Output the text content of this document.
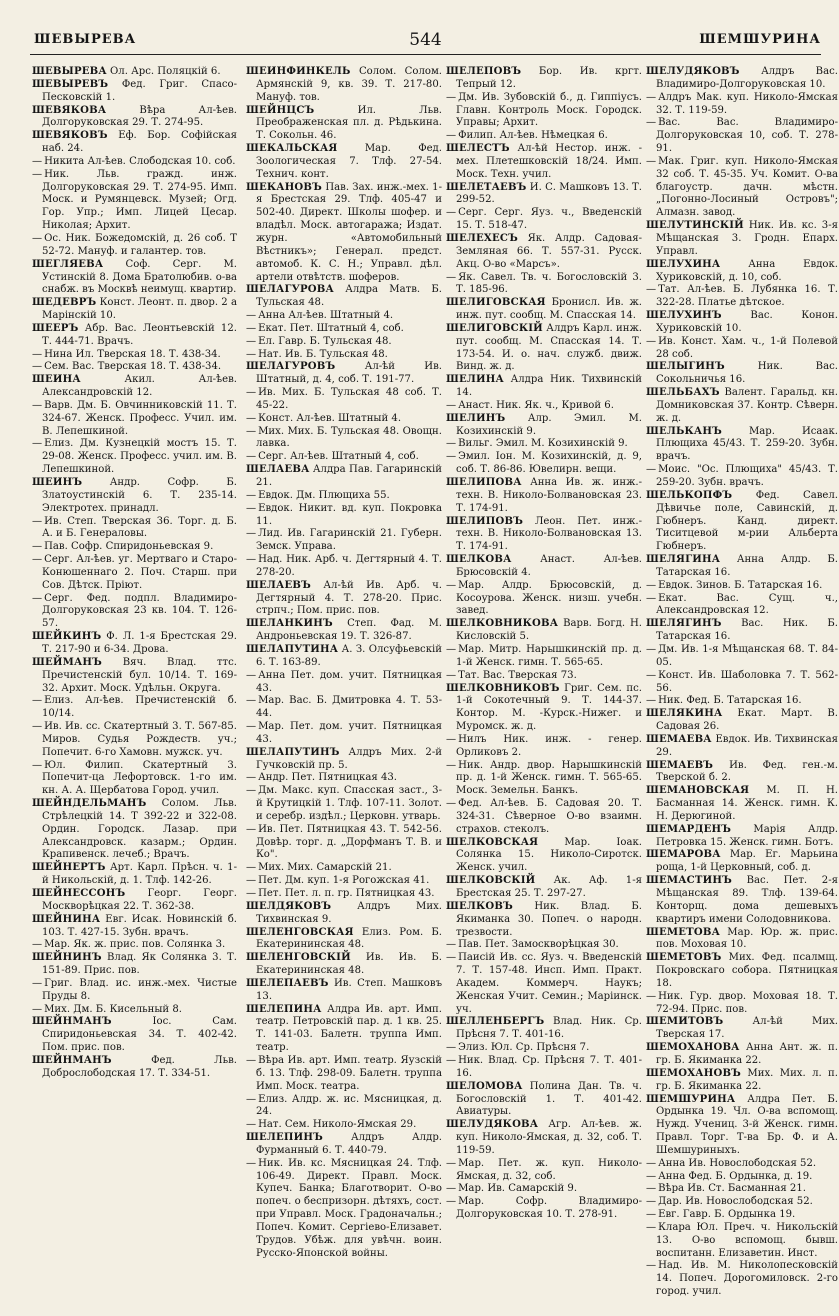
ШЕВЫРЕВА	544	ШЕМШУРИНА
ШЕВЫРЕВА Ол. Арс. Поляцкій 6.
ШЕВЫРЕВЪ Фед. Григ. Спасо-Песковскій 1.
ШЕВЯКОВА	Вѣра Ал-ѣев. Долгоруковская 29. Т. 274-95.
ШЕВЯКОВЪ Еф. Бор. Софійская наб. 24.
— Никита Ал-ѣев. Слободская 10. соб.
— Ник. Льв. гражд. инж. Долгоруковская 29. Т. 274-95. Имп. Моск. и Румянцевск. Музей; Огд. Гор. Упр.; Имп. Лицей Цесар. Николая; Архит.
— Ос. Ник. Божедомскій, д. 26 соб. Т 52-72. Мануф. и галантер. тов.
ШЕГЛЯЕВА Соф. Серг. М. Устинскій 8. Дома Братолюбив. о-ва снабж. въ Москвѣ неимущ. квартир.
ШЕДЕВРЪ Конст. Леонт. п. двор. 2 а Марінскій 10.
ШЕЕРЪ Абр. Вас. Леонтьевскій 12. Т. 444-71. Врачъ.
— Нина Ил. Тверская 18. Т. 438-34.
— Сем. Вас. Тверская 18. Т. 438-34.
ШЕИНА	Акил. Ал-ѣев. Александровскій 12.
— Варв. Дм. Б. Овчинниковскій 11. Т. 324-67. Женск. Професс. Учил. им. В. Лепешкиной.
— Елиз. Дм. Кузнецкій мостъ 15. Т. 29-08. Женск. Професс. учил. им. В. Лепешкиной.
ШЕИНЪ	Андр. Софр. Б. Златоустинскій 6. Т. 235-14. Электротех. принадл.
— Ив. Степ. Тверская 36. Торг. д. Б. А. и Б. Генераловы.
— Пав. Софр. Спиридоньевская 9.
— Серг. Ал-ѣев. уг. Мертваго и Старо-Конюшеннаго 2. Поч. Старш. при Сов. Дѣтск. Пріют.
— Серг. Фед. подпл. Владимиро-Долгоруковская 23 кв. 104. Т. 126-57.
ШЕЙКИНЪ Ф. Л. 1-я Брестская 29. Т. 217-90 и 6-34. Дрова.
ШЕЙМАНЪ Вяч. Влад. ттс. Пречистенскій бул. 10/14. Т. 169-32. Архит. Моск. Удѣльн. Округа.
— Елиз. Ал-ѣев. Пречистенскій б. 10/14.
— Ив. Ив. сс. Скатертный 3. Т. 567-85. Миров. Судья Рождеств. уч.; Попечит. 6-го Хамовн. мужск. уч.
— Юл. Филип. Скатертный 3. Попечит-ца Лефортовск. 1-го им. кн. А. А. Щербатова Город. учил.
ШЕЙНДЕЛЬМАНЪ Солом. Льв. Стрѣлецкій 14. Т 392-22 и 322-08. Ордин. Городск. Лазар. при Александровск. казарм.; Ордин. Крапивенск. лечеб.; Врачъ.
ШЕЙНЕРТЪ Арт. Карл. Прѣсн. ч. 1-й Никольскій, д. 1. Тлф. 142-26.
ШЕЙНЕССОНЪ Георг. Георг. Москворѣцкая 22. Т. 362-38.
ШЕЙНИНА Евг. Исак. Новинскій б. 103. Т. 427-15. Зубн. врачъ.
— Мар. Як. ж. прис. пов. Солянка 3.
ШЕЙНИНЪ Влад. Як Солянка 3. Т. 151-89. Прис. пов.
— Григ. Влад. ис. инж.-мех. Чистые Пруды 8.
— Мих. Дм. Б. Кисельный 8.
ШЕЙНМАНЪ	Іос. Сам. Спиридоньевская 34. Т. 402-42. Пом. прис. пов.
ШЕЙНМАНЪ	Фед. Льв. Доброслободская 17. Т. 334-51.
ШЕЙНФИНКЕЛЬ Солом. Солом. Армянскій 9, кв. 39. Т. 217-80. Мануф. тов.
ШЕЙНЦСЪ	Ил. Льв. Преображенская пл. д. Рѣдькина. Т. Сокольн. 46.
ШЕКАЛЬСКАЯ	Мар. Фед. Зоологическая 7. Тлф. 27-54. Технич. конт.
ШЕКАНОВЪ Пав. Зах. инж.-мех. 1-я Брестская 29. Тлф. 405-47 и 502-40. Директ. Школы шофер. и владѣл. Моск. автогаража; Издат. журн. «Автомобильный Вѣстникъ»; Генерал. предст. автомоб. К. С. Н.; Управл. дѣл. артели отвѣтств. шоферов.
ШЕЛАГУРОВА Алдра Матв. Б. Тульская 48.
— Анна Ал-ѣев. Штатный 4.
— Екат. Пет. Штатный 4, соб.
— Ел. Гавр. Б. Тульская 48.
— Нат. Ив. Б. Тульская 48.
ШЕЛАГУРОВЪ	Ал-ѣй Ив. Штатный, д. 4, соб. Т. 191-77.
— Ив. Мих. Б. Тульская 48 соб. Т. 45-22.
— Конст. Ал-ѣев. Штатный 4.
— Мих. Мих. Б. Тульская 48. Овощн. лавка.
— Серг. Ал-ѣев. Штатный 4, соб.
ШЕЛАЕВА Алдра Пав. Гагаринскій 21.
— Евдок. Дм. Плющиха 55.
— Евдок. Никит. вд. куп. Покровка 11.
— Лид. Ив. Гагаринскій 21. Губерн. Земск. Управа.
— Над. Ник. Арб. ч. Дегтярный 4. Т. 278-20.
ШЕЛАЕВЪ Ал-ѣй Ив. Арб. ч. Дегтярный 4. Т. 278-20. Прис. стрпч.; Пом. прис. пов.
ШЕЛАНКИНЪ Степ. Фад. М. Андроньевская 19. Т. 326-87.
ШЕЛАПУТИНА А. З. Олсуфьевскій 6. Т. 163-89.
— Анна Пет. дом. учит. Пятницкая 43.
— Мар. Вас. Б. Дмитровка 4. Т. 53-44.
— Мар. Пет. дом. учит. Пятницкая 43.
ШЕЛАПУТИНЪ Алдръ Мих. 2-й Гучковскій пр. 5.
— Андр. Пет. Пятницкая 43.
— Дм. Макс. куп. Спасская заст., 3-й Крутицкій 1. Тлф. 107-11. Золот. и серебр. издѣл.; Церковн. утварь.
— Ив. Пет. Пятницкая 43. Т. 542-56. Довѣр. торг. д. „Дорфманъ Т. В. и Ко".
— Мих. Мих. Самарскій 21.
— Пет. Дм. куп. 1-я Рогожская 41.
— Пет. Пет. л. п. гр. Пятницкая 43.
ШЕЛДЯКОВЪ	Алдръ Мих. Тихвинская 9.
ШЕЛЕНГОВСКАЯ Елиз. Ром. Б. Екатерининская 48.
ШЕЛЕНГОВСКІЙ Ив. Ив. Б. Екатерининская 48.
ШЕЛЕПАЕВЪ Ив. Степ. Машковъ 13.
ШЕЛЕПИНА Алдра Ив. арт. Имп. театр. Петровскій пар. д. 1 кв. 25. Т. 141-03. Балетн. труппа Имп. театр.
— Вѣра Ив. арт. Имп. театр. Яузскій б. 13. Тлф. 298-09. Балетн. труппа Имп. Моск. театра.
— Елиз. Алдр. ж. ис. Мясницкая, д. 24.
— Нат. Сем. Николо-Ямская 29.
ШЕЛЕПИНЪ	Алдръ Алдр. Фурманный 6. Т. 440-79.
— Ник. Ив. кс. Мясницкая 24. Тлф. 106-49. Директ. Правл. Моск. Купеч. Банка; Благотворит. О-во попеч. о беспризорн. дѣтяхъ, сост. при Управл. Моск. Градоначальн.; Попеч. Комит. Сергіево-Елизавет. Трудов. Убѣж. для увѣчн. воин. Русско-Японской войны.
ШЕЛЕПОВЪ Бор. Ив. кргт. Тепрый 12.
— Дм. Ив. Зубовскій б., д. Гиппіусъ. Главн. Контроль Моск. Городск. Управы; Архит.
— Филип. Ал-ѣев. Нѣмецкая 6.
ШЕЛЕСТЪ Ал-ѣй Нестор. инж. - мех. Плетешковскій 18/24. Имп. Моск. Техн. учил.
ШЕЛЕТАЕВЪ И. С. Машковъ 13. Т. 299-52.
— Серг. Серг. Яуз. ч., Введенскій 15. Т. 518-47.
ШЕЛЕХЕСЪ Як. Алдр. Садовая-Земляная 66. Т. 557-31. Русск. Акц. О-во «Марсъ».
— Як. Савел. Тв. ч. Богословскій 3. Т. 185-96.
ШЕЛИГОВСКАЯ Бронисл. Ив. ж. инж. пут. сообщ. М. Спасская 14.
ШЕЛИГОВСКІЙ Алдръ Карл. инж. пут. сообщ. М. Спасская 14. Т. 173-54. И. о. нач. служб. движ. Винд. ж. д.
ШЕЛИНА Алдра Ник. Тихвинскій 14.
— Анаст. Ник. Як. ч., Кривой 6.
ШЕЛИНЪ Алр. Эмил. М. Козихинскій 9.
— Вильг. Эмил. М. Козихинскій 9.
— Эмил. Іон. М. Козихинскій, д. 9, соб. Т. 86-86. Ювелирн. вещи.
ШЕЛИПОВА Анна Ив. ж. инж.-техн. В. Николо-Болвановская 23. Т. 174-91.
ШЕЛИПОВЪ Леон. Пет. инж.-техн. В. Николо-Болвановская 13. Т. 174-91.
ШЕЛКОВА	Анаст. Ал-ѣев. Брюсовскій 4.
— Мар. Алдр. Брюсовскій, д. Косоурова. Женск. низш. учебн. завед.
ШЕЛКОВНИКОВА Варв. Богд. Н. Кисловскій 5.
— Мар. Митр. Нарышкинскій пр. д. 1-й Женск. гимн. Т. 565-65.
— Тат. Вас. Тверская 73.
ШЕЛКОВНИКОВЪ Григ. Сем. пс. 1-й Сокотечный 9. Т. 144-37. Контор. М. -Курск.-Нижег. и Муромск. ж. д.
— Нилъ Ник. инж. - генер. Орликовъ 2.
— Ник. Андр. двор. Нарышкинскій пр. д. 1-й Женск. гимн. Т. 565-65. Моск. Земельн. Банкъ.
— Фед. Ал-ѣев. Б. Садовая 20. Т. 324-31. Сѣверное О-во взаимн. страхов. стеколъ.
ШЕЛКОВСКАЯ	Мар. Іоак. Солянка 15. Николо-Сиротск. Женск. учил.
ШЕЛКОВСКІЙ Ак. Аф. 1-я Брестская 25. Т. 297-27.
ШЕЛКОВЪ Ник. Влад. Б. Якиманка 30. Попеч. о народн. трезвости.
— Пав. Пет. Замоскворѣцкая 30.
— Паисій Ив. сс. Яуз. ч. Введенскій 7. Т. 157-48. Инсп. Имп. Практ. Академ. Коммерч. Наукъ; Женская Учит. Семин.; Маріинск. уч.
ШЕЛЛЕНБЕРГЪ Влад. Ник. Ср. Прѣсня 7. Т. 401-16.
— Элиз. Юл. Ср. Прѣсня 7.
— Ник. Влад. Ср. Прѣсня 7. Т. 401-16.
ШЕЛОМОВА Полина Дан. Тв. ч. Богословскій 1. Т. 401-42. Авиатуры.
ШЕЛУДЯКОВА Агр. Ал-ѣев. ж. куп. Николо-Ямская, д. 32, соб. Т. 119-59.
— Мар. Пет. ж. куп. Николо-Ямская, д. 32, соб.
— Мар. Ив. Самарскій 9.
— Мар. Софр. Владимиро-Долгоруковская 10. Т. 278-91.
ШЕЛУДЯКОВЪ Алдръ Вас. Владимиро-Долгоруковская 10.
— Алдръ Мак. куп. Николо-Ямская 32. Т. 119-59.
— Вас. Вас. Владимиро-Долгоруковская 10, соб. Т. 278-91.
— Мак. Григ. куп. Николо-Ямская 32 соб. Т. 45-35. Уч. Комит. О-ва благоустр. дачн. мѣстн. „Погонно-Лосиный Островъ"; Алмазн. завод.
ШЕЛУТИНСКІЙ Ник. Ив. кс. 3-я Мѣщанская 3. Гродн. Епарх. Управл.
ШЕЛУХИНА	Анна Евдок. Хуриковскій, д. 10, соб.
— Тат. Ал-ѣев. Б. Лубянка 16. Т. 322-28. Платье дѣтское.
ШЕЛУХИНЪ	Вас. Конон. Хуриковскій 10.
— Ив. Конст. Хам. ч., 1-й Полевой 28 соб.
ШЕЛЫГИНЪ	Ник. Вас. Сокольничья 16.
ШЕЛЬБАХЪ Валент. Гаральд. кн. Домниковская 37. Контр. Сѣверн. ж. д.
ШЕЛЬКАНЪ	Мар. Исаак. Плющиха 45/43. Т. 259-20. Зубн. врачъ.
— Моис. "Ос. Плющиха" 45/43. Т. 259-20. Зубн. врачъ.
ШЕЛЬКОПФЪ Фед. Савел. Дѣвичье поле, Савинскій, д. Гюбнеръ. Канд. директ. Тиситцевой м-рии Альберта Гюбнеръ.
ШЕЛЯГИНА Анна Алдр. Б. Татарская 16.
— Евдок. Зинов. Б. Татарская 16.
— Екат. Вас. Сущ. ч., Александровская 12.
ШЕЛЯГИНЪ Вас. Ник. Б. Татарская 16.
— Дм. Ив. 1-я Мѣщанская 68. Т. 84-05.
— Конст. Ив. Шаболовка 7. Т. 562-56.
— Ник. Фед. Б. Татарская 16.
ШЕЛЯКИНА Екат. Март. В. Садовая 26.
ШЕМАЕВА Евдок. Ив. Тихвинская 29.
ШЕМАЕВЪ Ив. Фед. ген.-м. Тверской б. 2.
ШЕМАНОВСКАЯ М. П. Н. Басманная 14. Женск. гимн. К. Н. Дерюгиной.
ШЕМАРДЕНЪ Марія Алдр. Петровка 15. Женск. гимн. Ботъ.
ШЕМАРОВА Мар. Ег. Марьина роща, 1-й Церковный, соб. д.
ШЕМАСТИНЪ Вас. Пет. 2-я Мѣщанская 89. Тлф. 139-64. Конторщ. дома дешевыхъ квартиръ имени Солодовникова.
ШЕМЕТОВА Мар. Юр. ж. прис. пов. Моховая 10.
ШЕМЕТОВЪ Мих. Фед. псалмщ. Покровскаго собора. Пятницкая 18.
— Ник. Гур. двор. Моховая 18. Т. 72-94. Прис. пов.
ШЕМИТОВЪ	Ал-ѣй Мих. Тверская 17.
ШЕМОХАНОВА Анна Ант. ж. п. гр. Б. Якиманка 22.
ШЕМОХАНОВЪ Мих. Мих. л. п. гр. Б. Якиманка 22.
ШЕМШУРИНА Алдра Пет. Б. Ордынка 19. Чл. О-ва вспомощ. Нужд. Учениц. 3-й Женск. гимн. Правл. Торг. Т-ва Бр. Ф. и А. Шемшуриныхъ.
— Анна Ив. Новослободская 52.
— Анна Фед. Б. Ордынка, д. 19.
— Вѣра Ив. Ст. Басманная 21.
— Дар. Ив. Новослободская 52.
— Евг. Гавр. Б. Ордынка 19.
— Клара Юл. Преч. ч. Никольскій 13. О-во вспомощ. бывш. воспитанн. Елизаветин. Инст.
— Над. Ив. М. Николопесковскій 14. Попеч. Дорогомиловск. 2-го город. учил.
